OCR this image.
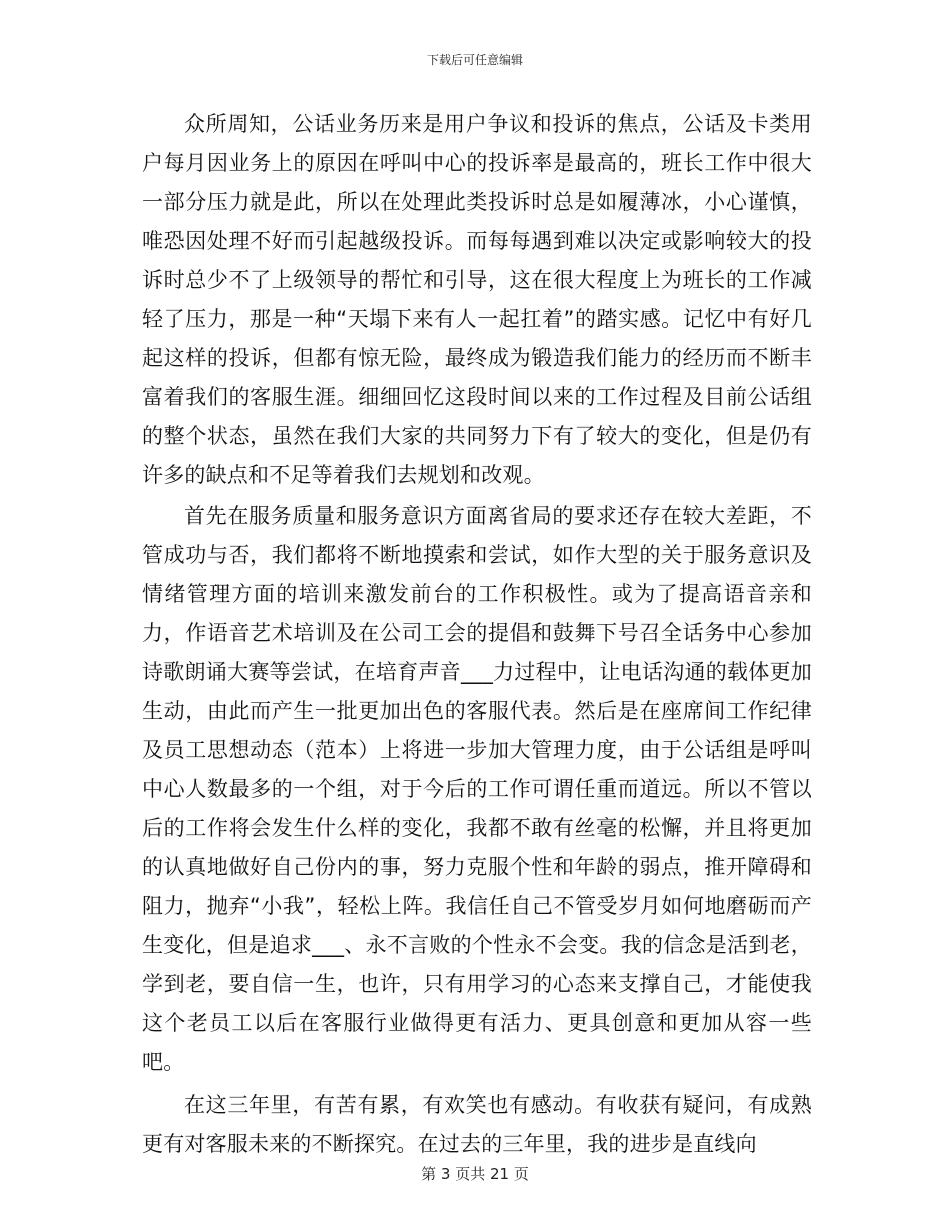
下载后可任意编辑

众所周知，公话业务历来是用户争议和投诉的焦点，公话及卡类用户每月因业务上的原因在呼叫中心的投诉率是最高的，班长工作中很大一部分压力就是此，所以在处理此类投诉时总是如履薄冰，小心谨慎，唯恐因处理不好而引起越级投诉。而每每遇到难以决定或影响较大的投诉时总少不了上级领导的帮忙和引导，这在很大程度上为班长的工作减轻了压力，那是一种“天塌下来有人一起扛着”的踏实感。记忆中有好几起这样的投诉，但都有惊无险，最终成为锻造我们能力的经历而不断丰富着我们的客服生涯。细细回忆这段时间以来的工作过程及目前公话组的整个状态，虽然在我们大家的共同努力下有了较大的变化，但是仍有许多的缺点和不足等着我们去规划和改观。

首先在服务质量和服务意识方面离省局的要求还存在较大差距，不管成功与否，我们都将不断地摸索和尝试，如作大型的关于服务意识及情绪管理方面的培训来激发前台的工作积极性。或为了提高语音亲和力，作语音艺术培训及在公司工会的提倡和鼓舞下号召全话务中心参加诗歌朗诵大赛等尝试，在培育声音___力过程中，让电话沟通的载体更加生动，由此而产生一批更加出色的客服代表。然后是在座席间工作纪律及员工思想动态（范本）上将进一步加大管理力度，由于公话组是呼叫中心人数最多的一个组，对于今后的工作可谓任重而道远。所以不管以后的工作将会发生什么样的变化，我都不敢有丝毫的松懈，并且将更加的认真地做好自己份内的事，努力克服个性和年龄的弱点，推开障碍和阻力，抛弃“小我”，轻松上阵。我信任自己不管受岁月如何地磨砺而产生变化，但是追求___、永不言败的个性永不会变。我的信念是活到老，学到老，要自信一生，也许，只有用学习的心态来支撑自己，才能使我这个老员工以后在客服行业做得更有活力、更具创意和更加从容一些吧。

在这三年里，有苦有累，有欢笑也有感动。有收获有疑问，有成熟更有对客服未来的不断探究。在过去的三年里，我的进步是直线向

第 3 页共 21 页
